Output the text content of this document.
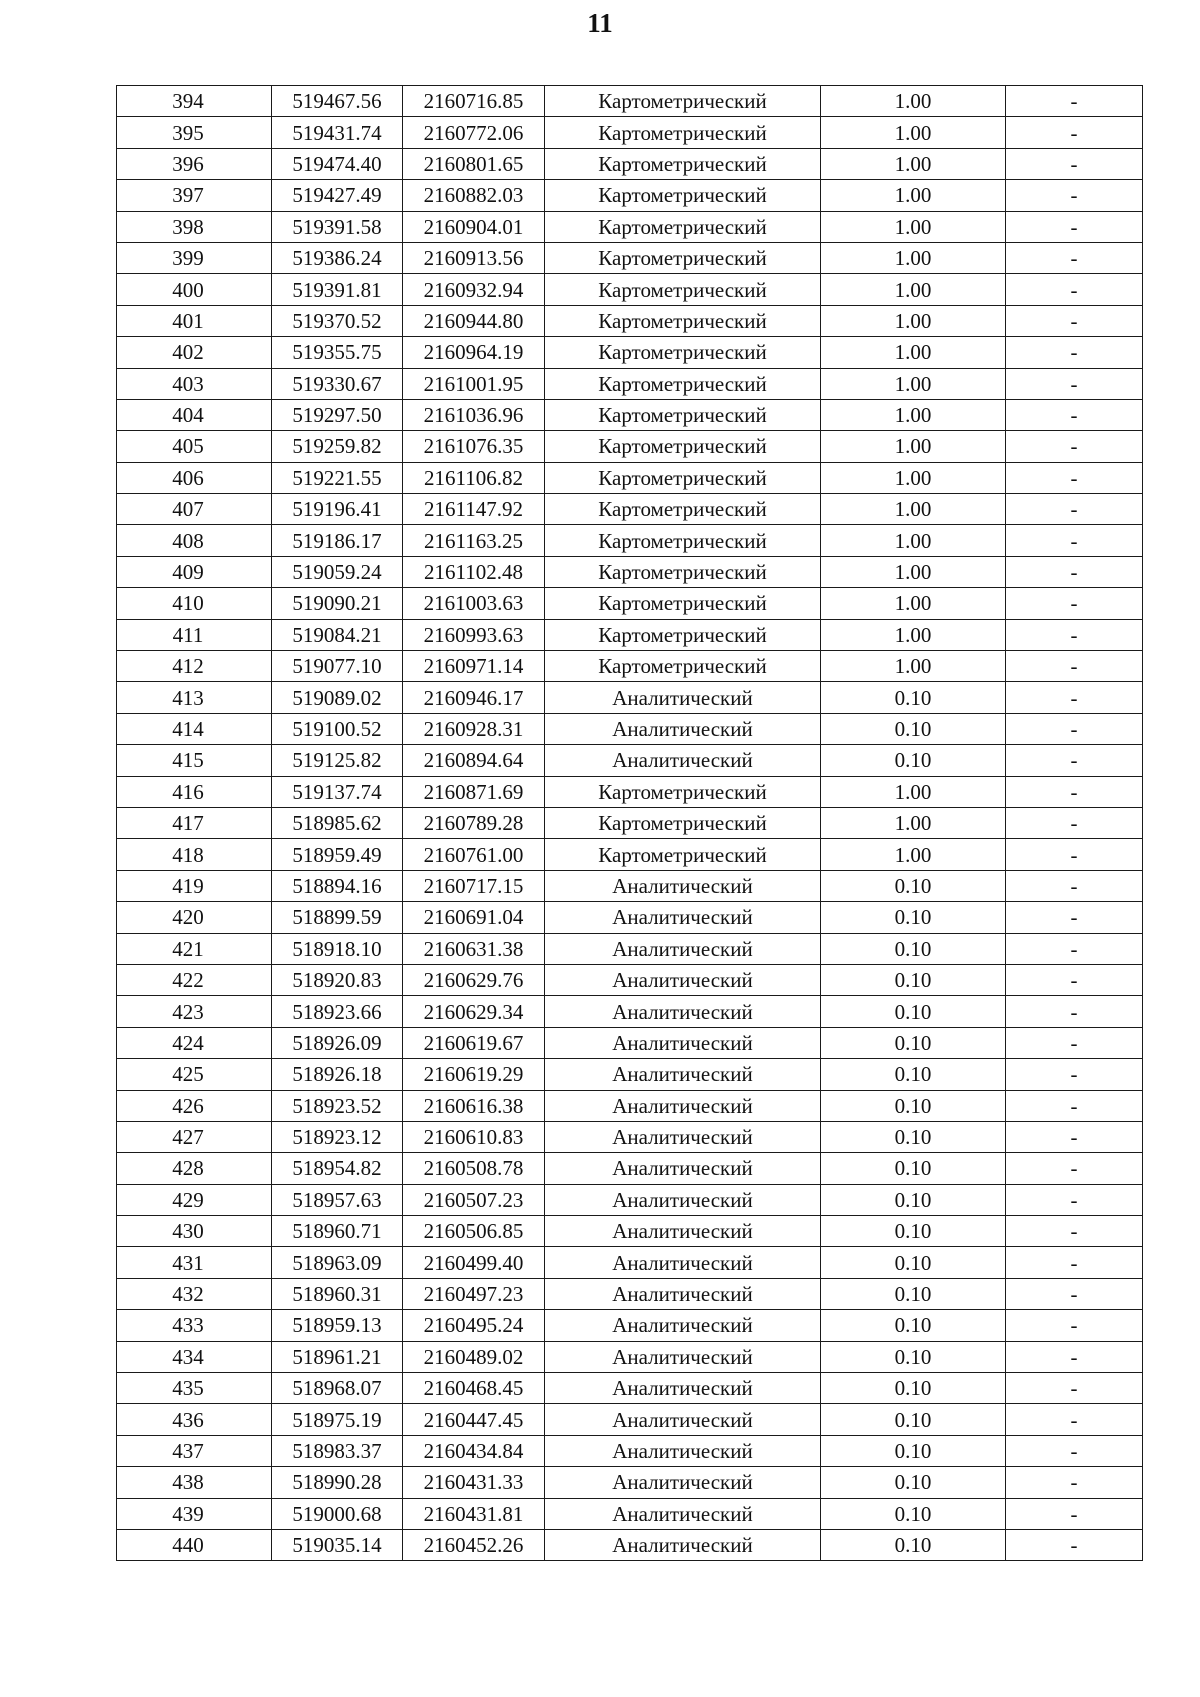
11
394	519467.56	2160716.85	Картометрический	1.00	-
395	519431.74	2160772.06	Картометрический	1.00	-
396	519474.40	2160801.65	Картометрический	1.00	-
397	519427.49	2160882.03	Картометрический	1.00	-
398	519391.58	2160904.01	Картометрический	1.00	-
399	519386.24	2160913.56	Картометрический	1.00	-
400	519391.81	2160932.94	Картометрический	1.00	-
401	519370.52	2160944.80	Картометрический	1.00	-
402	519355.75	2160964.19	Картометрический	1.00	-
403	519330.67	2161001.95	Картометрический	1.00	-
404	519297.50	2161036.96	Картометрический	1.00	-
405	519259.82	2161076.35	Картометрический	1.00	-
406	519221.55	2161106.82	Картометрический	1.00	-
407	519196.41	2161147.92	Картометрический	1.00	-
408	519186.17	2161163.25	Картометрический	1.00	-
409	519059.24	2161102.48	Картометрический	1.00	-
410	519090.21	2161003.63	Картометрический	1.00	-
411	519084.21	2160993.63	Картометрический	1.00	-
412	519077.10	2160971.14	Картометрический	1.00	-
413	519089.02	2160946.17	Аналитический	0.10	-
414	519100.52	2160928.31	Аналитический	0.10	-
415	519125.82	2160894.64	Аналитический	0.10	-
416	519137.74	2160871.69	Картометрический	1.00	-
417	518985.62	2160789.28	Картометрический	1.00	-
418	518959.49	2160761.00	Картометрический	1.00	-
419	518894.16	2160717.15	Аналитический	0.10	-
420	518899.59	2160691.04	Аналитический	0.10	-
421	518918.10	2160631.38	Аналитический	0.10	-
422	518920.83	2160629.76	Аналитический	0.10	-
423	518923.66	2160629.34	Аналитический	0.10	-
424	518926.09	2160619.67	Аналитический	0.10	-
425	518926.18	2160619.29	Аналитический	0.10	-
426	518923.52	2160616.38	Аналитический	0.10	-
427	518923.12	2160610.83	Аналитический	0.10	-
428	518954.82	2160508.78	Аналитический	0.10	-
429	518957.63	2160507.23	Аналитический	0.10	-
430	518960.71	2160506.85	Аналитический	0.10	-
431	518963.09	2160499.40	Аналитический	0.10	-
432	518960.31	2160497.23	Аналитический	0.10	-
433	518959.13	2160495.24	Аналитический	0.10	-
434	518961.21	2160489.02	Аналитический	0.10	-
435	518968.07	2160468.45	Аналитический	0.10	-
436	518975.19	2160447.45	Аналитический	0.10	-
437	518983.37	2160434.84	Аналитический	0.10	-
438	518990.28	2160431.33	Аналитический	0.10	-
439	519000.68	2160431.81	Аналитический	0.10	-
440	519035.14	2160452.26	Аналитический	0.10	-
